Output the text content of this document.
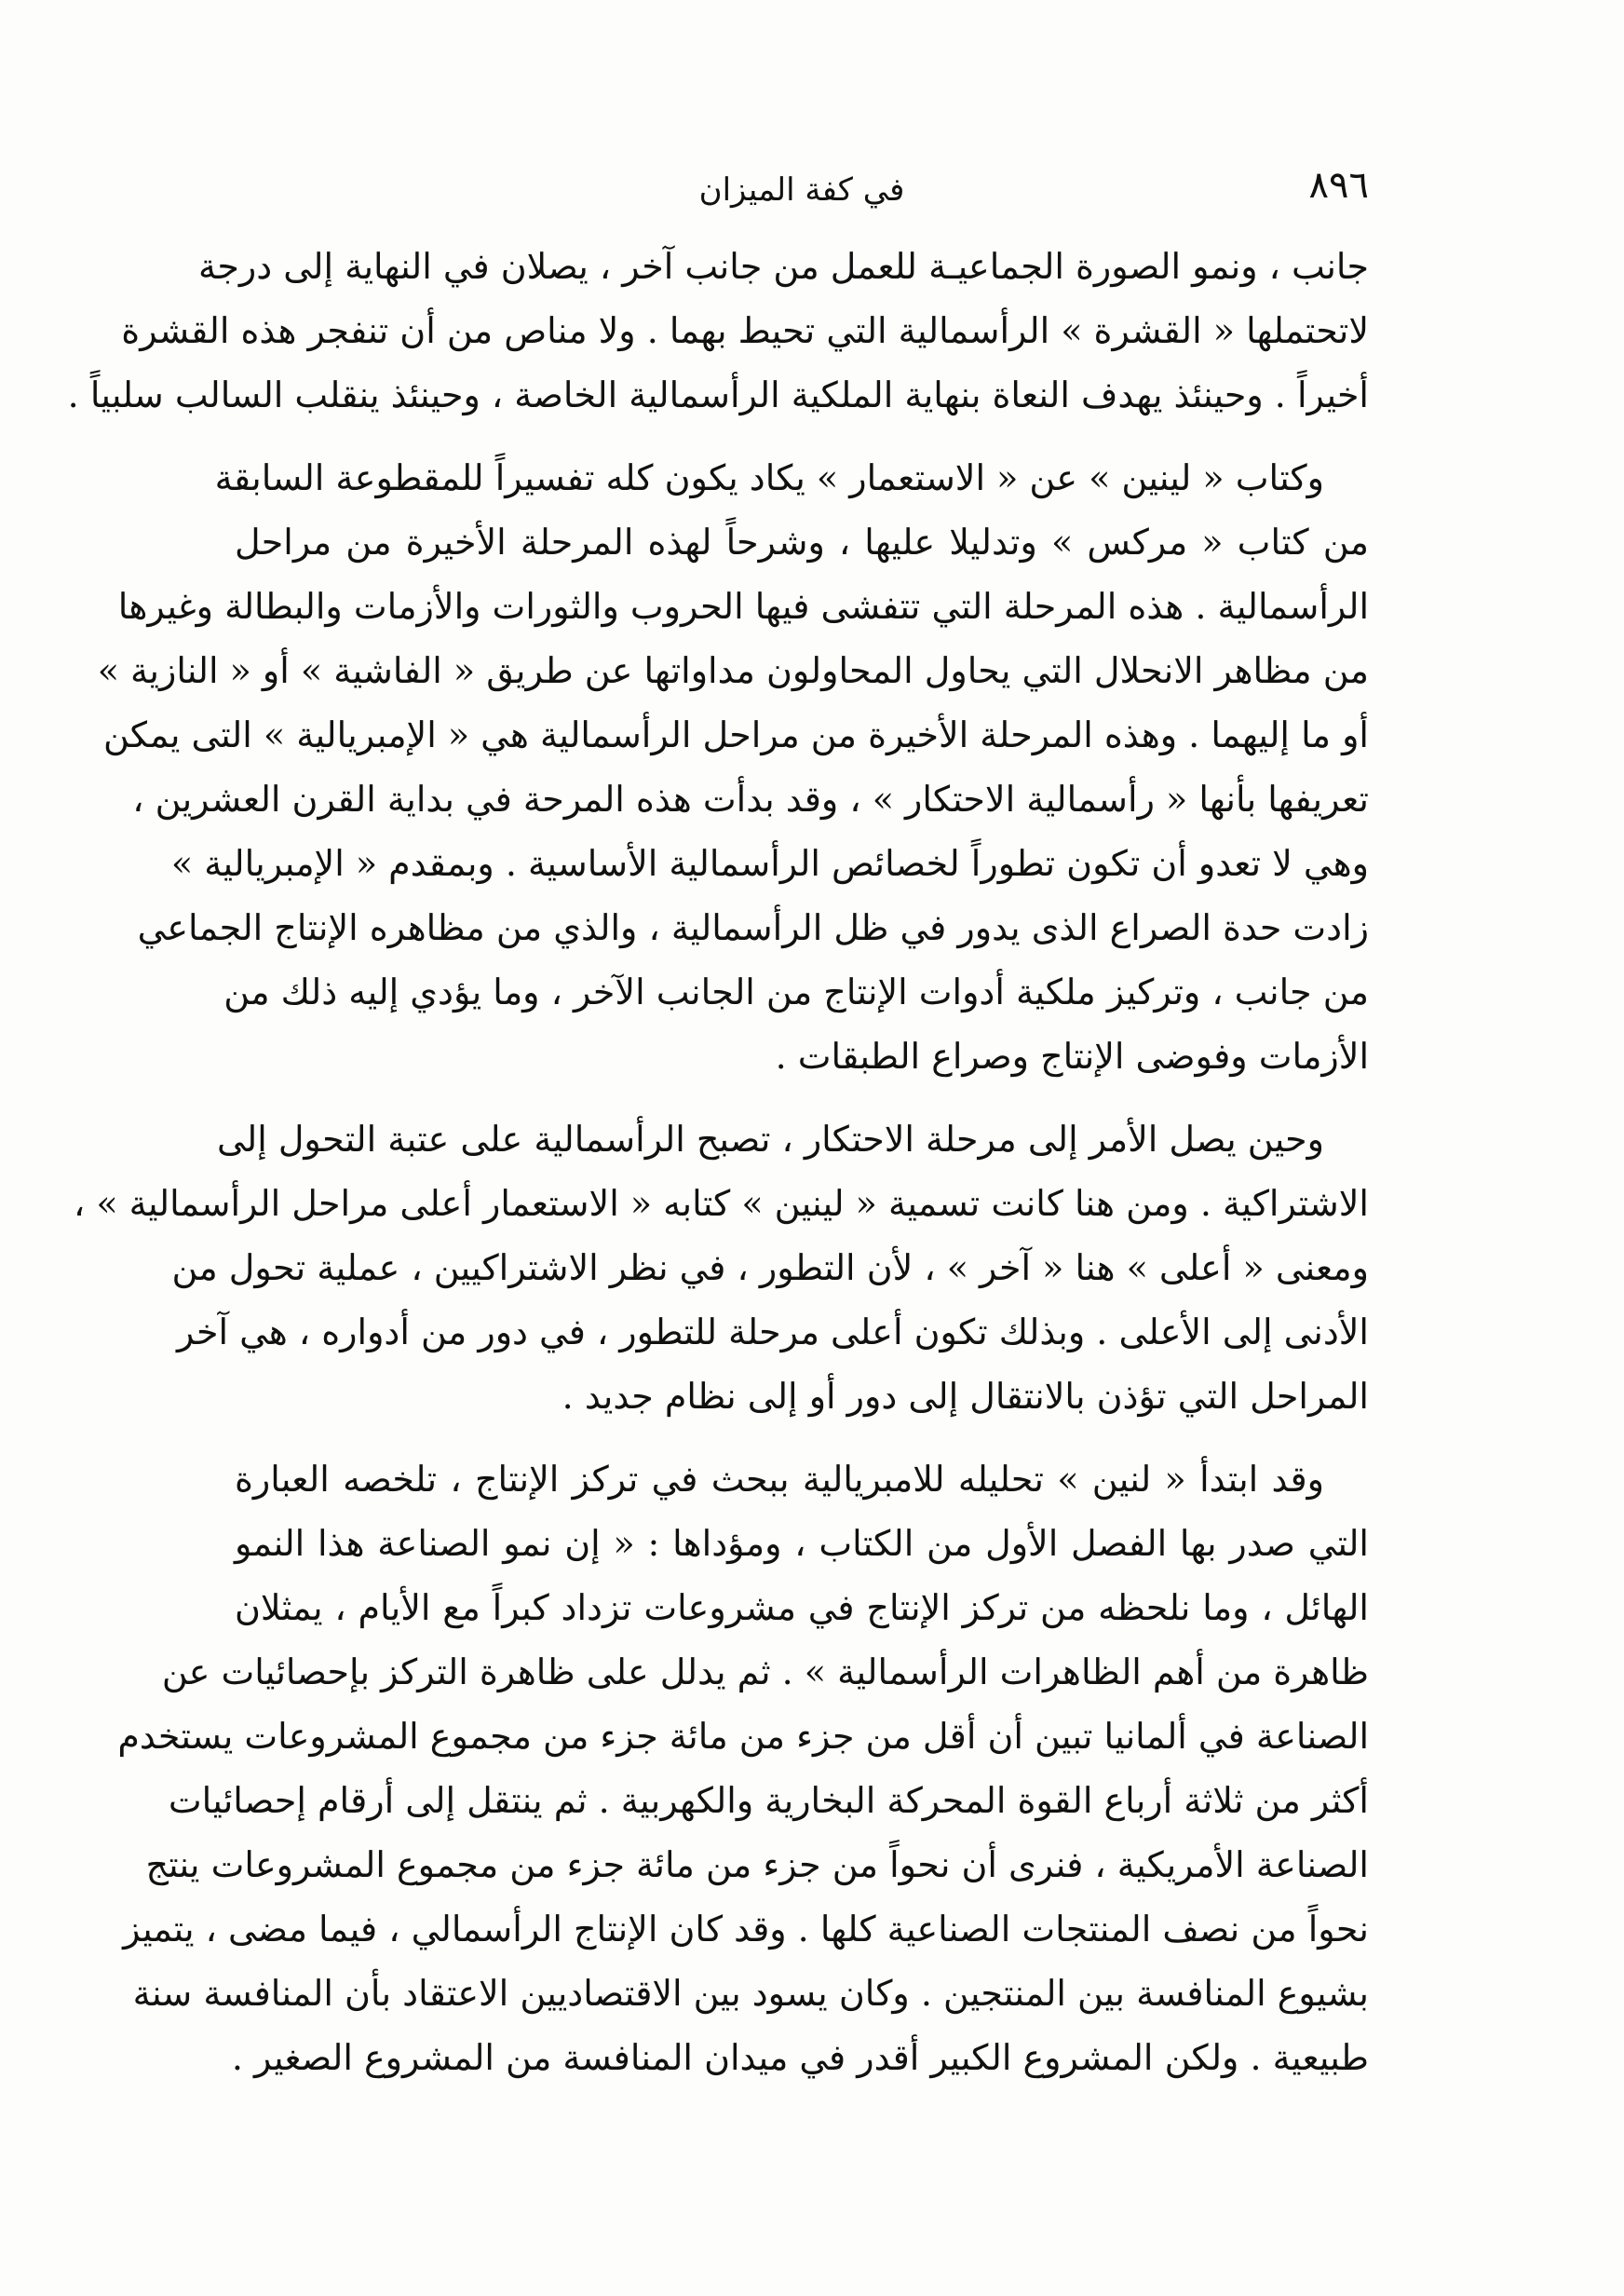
٨٩٦
في كفة الميزان
جانب ، ونمو الصورة الجماعيـة للعمل من جانب آخر ، يصلان في النهاية إلى درجة
لاتحتملها « القشرة » الرأسمالية التي تحيط بهما . ولا مناص من أن تنفجر هذه القشرة
أخيراً . وحينئذ يهدف النعاة بنهاية الملكية الرأسمالية الخاصة ، وحينئذ ينقلب السالب سلبياً .
وكتاب « لينين » عن « الاستعمار » يكاد يكون كله تفسيراً للمقطوعة السابقة
من كتاب « مركس » وتدليلا عليها ، وشرحاً لهذه المرحلة الأخيرة من مراحل
الرأسمالية . هذه المرحلة التي تتفشى فيها الحروب والثورات والأزمات والبطالة وغيرها
من مظاهر الانحلال التي يحاول المحاولون مداواتها عن طريق « الفاشية » أو « النازية »
أو ما إليهما . وهذه المرحلة الأخيرة من مراحل الرأسمالية هي « الإمبريالية » التى يمكن
تعريفها بأنها « رأسمالية الاحتكار » ، وقد بدأت هذه المرحة في بداية القرن العشرين ،
وهي لا تعدو أن تكون تطوراً لخصائص الرأسمالية الأساسية . وبمقدم « الإمبريالية »
زادت حدة الصراع الذى يدور في ظل الرأسمالية ، والذي من مظاهره الإنتاج الجماعي
من جانب ، وتركيز ملكية أدوات الإنتاج من الجانب الآخر ، وما يؤدي إليه ذلك من
الأزمات وفوضى الإنتاج وصراع الطبقات .
وحين يصل الأمر إلى مرحلة الاحتكار ، تصبح الرأسمالية على عتبة التحول إلى
الاشتراكية . ومن هنا كانت تسمية « لينين » كتابه « الاستعمار أعلى مراحل الرأسمالية » ،
ومعنى « أعلى » هنا « آخر » ، لأن التطور ، في نظر الاشتراكيين ، عملية تحول من
الأدنى إلى الأعلى . وبذلك تكون أعلى مرحلة للتطور ، في دور من أدواره ، هي آخر
المراحل التي تؤذن بالانتقال إلى دور أو إلى نظام جديد .
وقد ابتدأ « لنين » تحليله للامبريالية ببحث في تركز الإنتاج ، تلخصه العبارة
التي صدر بها الفصل الأول من الكتاب ، ومؤداها : « إن نمو الصناعة هذا النمو
الهائل ، وما نلحظه من تركز الإنتاج في مشروعات تزداد كبراً مع الأيام ، يمثلان
ظاهرة من أهم الظاهرات الرأسمالية » . ثم يدلل على ظاهرة التركز بإحصائيات عن
الصناعة في ألمانيا تبين أن أقل من جزء من مائة جزء من مجموع المشروعات يستخدم
أكثر من ثلاثة أرباع القوة المحركة البخارية والكهربية . ثم ينتقل إلى أرقام إحصائيات
الصناعة الأمريكية ، فنرى أن نحواً من جزء من مائة جزء من مجموع المشروعات ينتج
نحواً من نصف المنتجات الصناعية كلها . وقد كان الإنتاج الرأسمالي ، فيما مضى ، يتميز
بشيوع المنافسة بين المنتجين . وكان يسود بين الاقتصاديين الاعتقاد بأن المنافسة سنة
طبيعية . ولكن المشروع الكبير أقدر في ميدان المنافسة من المشروع الصغير .
